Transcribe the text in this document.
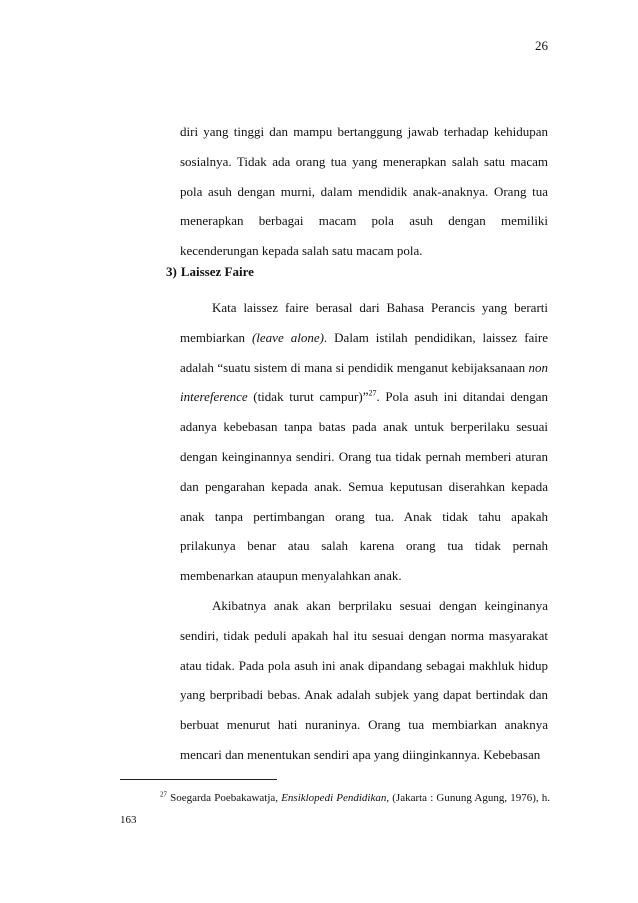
26

diri yang tinggi dan mampu bertanggung jawab terhadap kehidupan sosialnya. Tidak ada orang tua yang menerapkan salah satu macam pola asuh dengan murni, dalam mendidik anak-anaknya. Orang tua menerapkan berbagai macam pola asuh dengan memiliki kecenderungan kepada salah satu macam pola.

3) Laissez Faire

Kata laissez faire berasal dari Bahasa Perancis yang berarti membiarkan (leave alone). Dalam istilah pendidikan, laissez faire adalah “suatu sistem di mana si pendidik menganut kebijaksanaan non intereference (tidak turut campur)”$^{27}$. Pola asuh ini ditandai dengan adanya kebebasan tanpa batas pada anak untuk berperilaku sesuai dengan keinginannya sendiri. Orang tua tidak pernah memberi aturan dan pengarahan kepada anak. Semua keputusan diserahkan kepada anak tanpa pertimbangan orang tua. Anak tidak tahu apakah prilakunya benar atau salah karena orang tua tidak pernah membenarkan ataupun menyalahkan anak.

Akibatnya anak akan berprilaku sesuai dengan keinginanya sendiri, tidak peduli apakah hal itu sesuai dengan norma masyarakat atau tidak. Pada pola asuh ini anak dipandang sebagai makhluk hidup yang berpribadi bebas. Anak adalah subjek yang dapat bertindak dan berbuat menurut hati nuraninya. Orang tua membiarkan anaknya mencari dan menentukan sendiri apa yang diinginkannya. Kebebasan

$^{27}$ Soegarda Poebakawatja, Ensiklopedi Pendidikan, (Jakarta : Gunung Agung, 1976), h. 163
